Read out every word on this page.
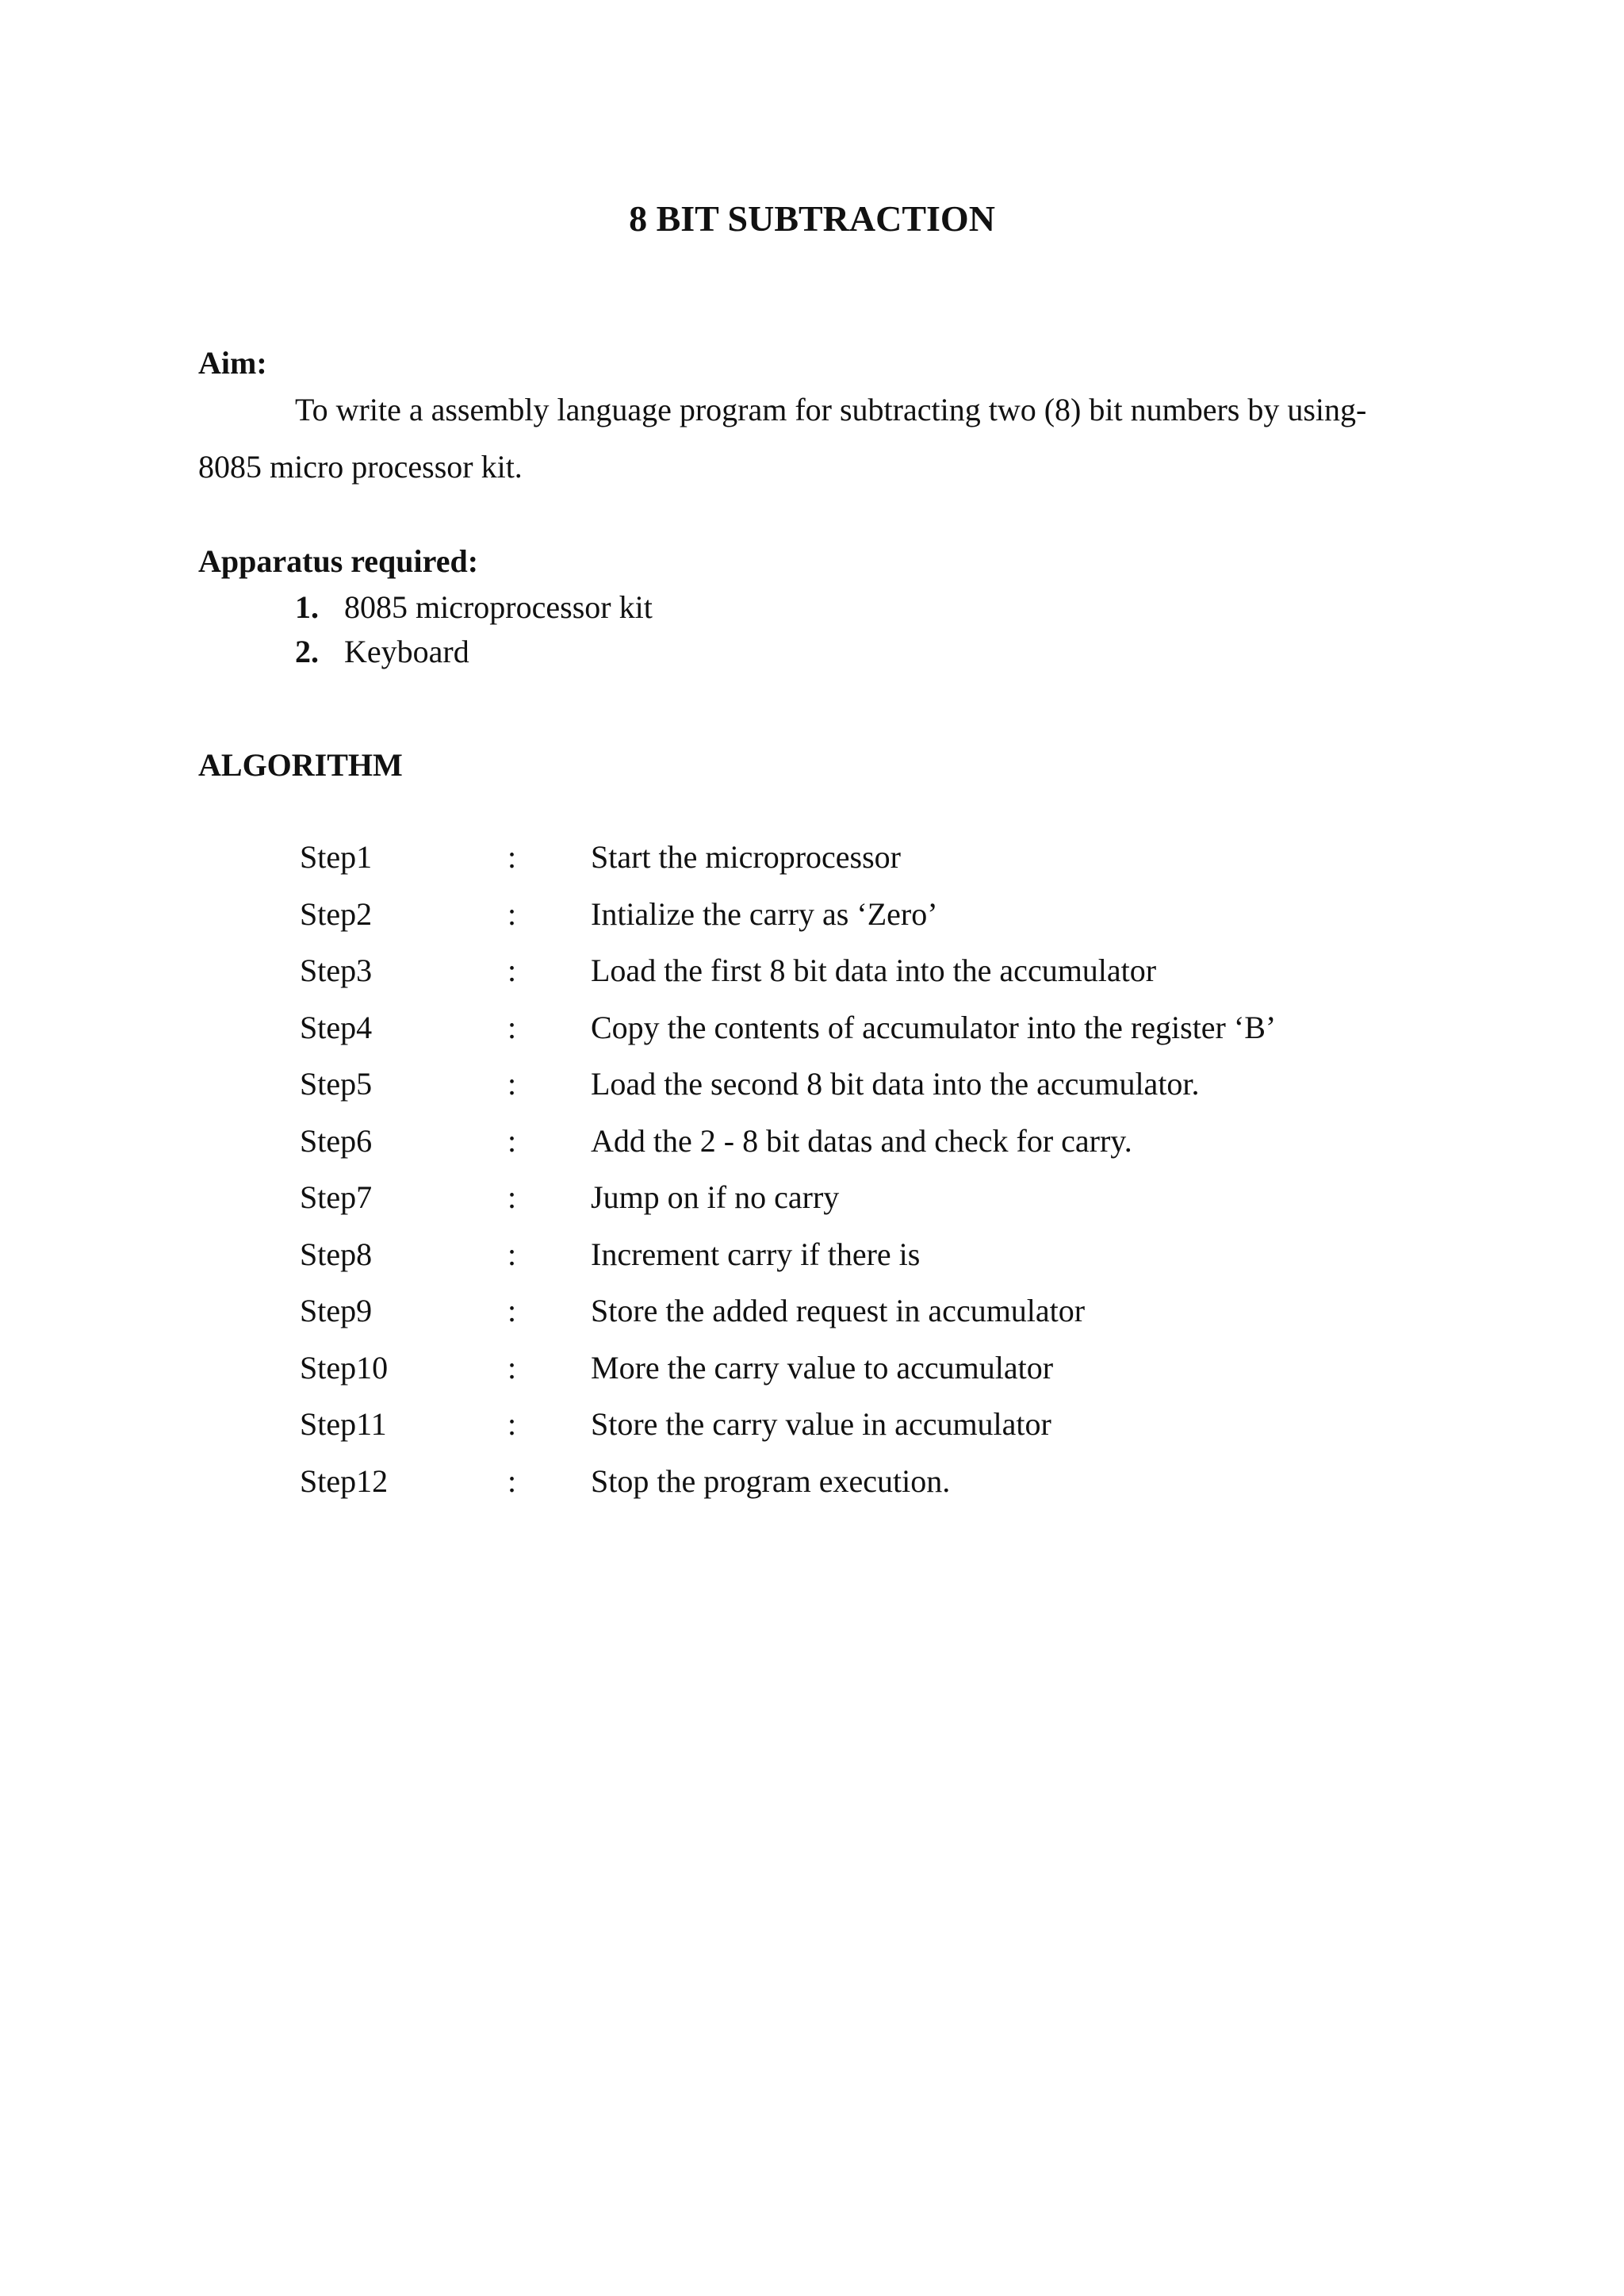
8 BIT SUBTRACTION
Aim:
To write a assembly language program for subtracting two (8) bit numbers by using-
8085 micro processor kit.
Apparatus required:
1. 8085 microprocessor kit
2. Keyboard
ALGORITHM
Step1	: Start the microprocessor
Step2	: Intialize the carry as ‘Zero’
Step3	: Load the first 8 bit data into the accumulator
Step4	: Copy the contents of accumulator into the register ‘B’
Step5	: Load the second 8 bit data into the accumulator.
Step6	: Add the 2 - 8 bit datas and check for carry.
Step7	: Jump on if no carry
Step8	: Increment carry if there is
Step9	: Store the added request in accumulator
Step10	: More the carry value to accumulator
Step11	: Store the carry value in accumulator
Step12	: Stop the program execution.
